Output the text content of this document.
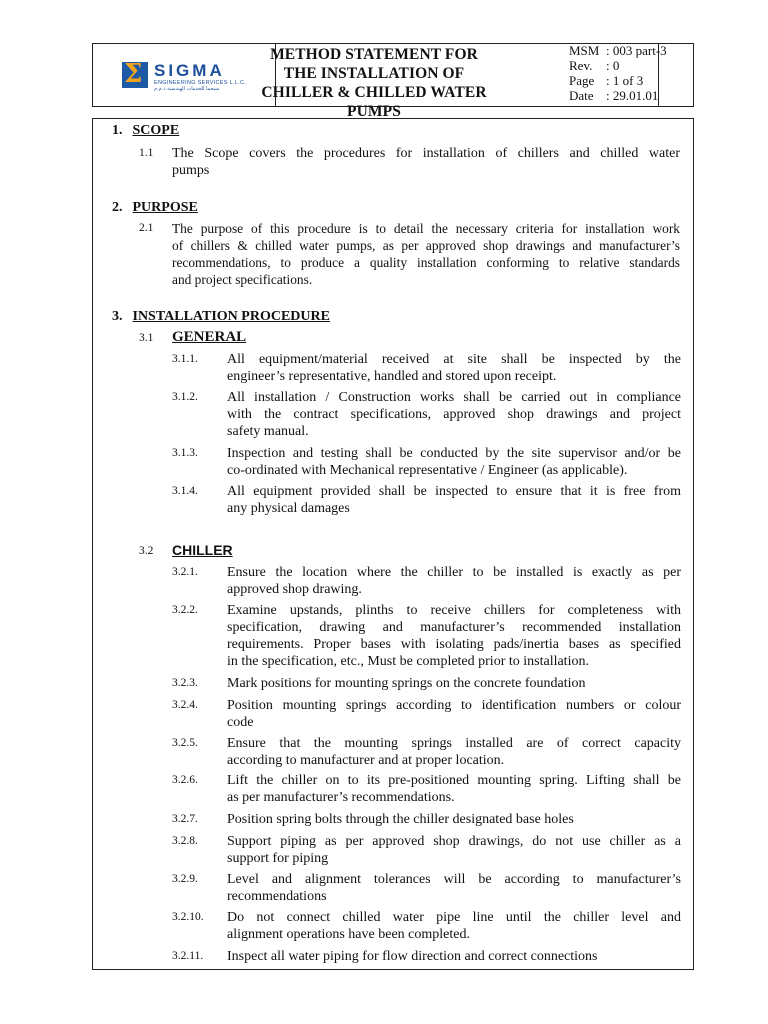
Σ SIGMA
ENGINEERING SERVICES L.L.C.
سيجما للخدمات الهندسية ذ.م.م
METHOD STATEMENT FOR
THE INSTALLATION OF
CHILLER & CHILLED WATER
PUMPS
MSM : 003 part-3
Rev. : 0
Page : 1 of 3
Date : 29.01.01
1. SCOPE
1.1 The Scope covers the procedures for installation of chillers and chilled water
pumps
2. PURPOSE
2.1 The purpose of this procedure is to detail the necessary criteria for installation work
of chillers & chilled water pumps, as per approved shop drawings and manufacturer’s
recommendations, to produce a quality installation conforming to relative standards
and project specifications.
3. INSTALLATION PROCEDURE
3.1 GENERAL
3.1.1. All equipment/material received at site shall be inspected by the
engineer’s representative, handled and stored upon receipt.
3.1.2. All installation / Construction works shall be carried out in compliance
with the contract specifications, approved shop drawings and project
safety manual.
3.1.3. Inspection and testing shall be conducted by the site supervisor and/or be
co-ordinated with Mechanical representative / Engineer (as applicable).
3.1.4. All equipment provided shall be inspected to ensure that it is free from
any physical damages
3.2 CHILLER
3.2.1. Ensure the location where the chiller to be installed is exactly as per
approved shop drawing.
3.2.2. Examine upstands, plinths to receive chillers for completeness with
specification, drawing and manufacturer’s recommended installation
requirements. Proper bases with isolating pads/inertia bases as specified
in the specification, etc., Must be completed prior to installation.
3.2.3. Mark positions for mounting springs on the concrete foundation
3.2.4. Position mounting springs according to identification numbers or colour
code
3.2.5. Ensure that the mounting springs installed are of correct capacity
according to manufacturer and at proper location.
3.2.6. Lift the chiller on to its pre-positioned mounting spring. Lifting shall be
as per manufacturer’s recommendations.
3.2.7. Position spring bolts through the chiller designated base holes
3.2.8. Support piping as per approved shop drawings, do not use chiller as a
support for piping
3.2.9. Level and alignment tolerances will be according to manufacturer’s
recommendations
3.2.10. Do not connect chilled water pipe line until the chiller level and
alignment operations have been completed.
3.2.11. Inspect all water piping for flow direction and correct connections
